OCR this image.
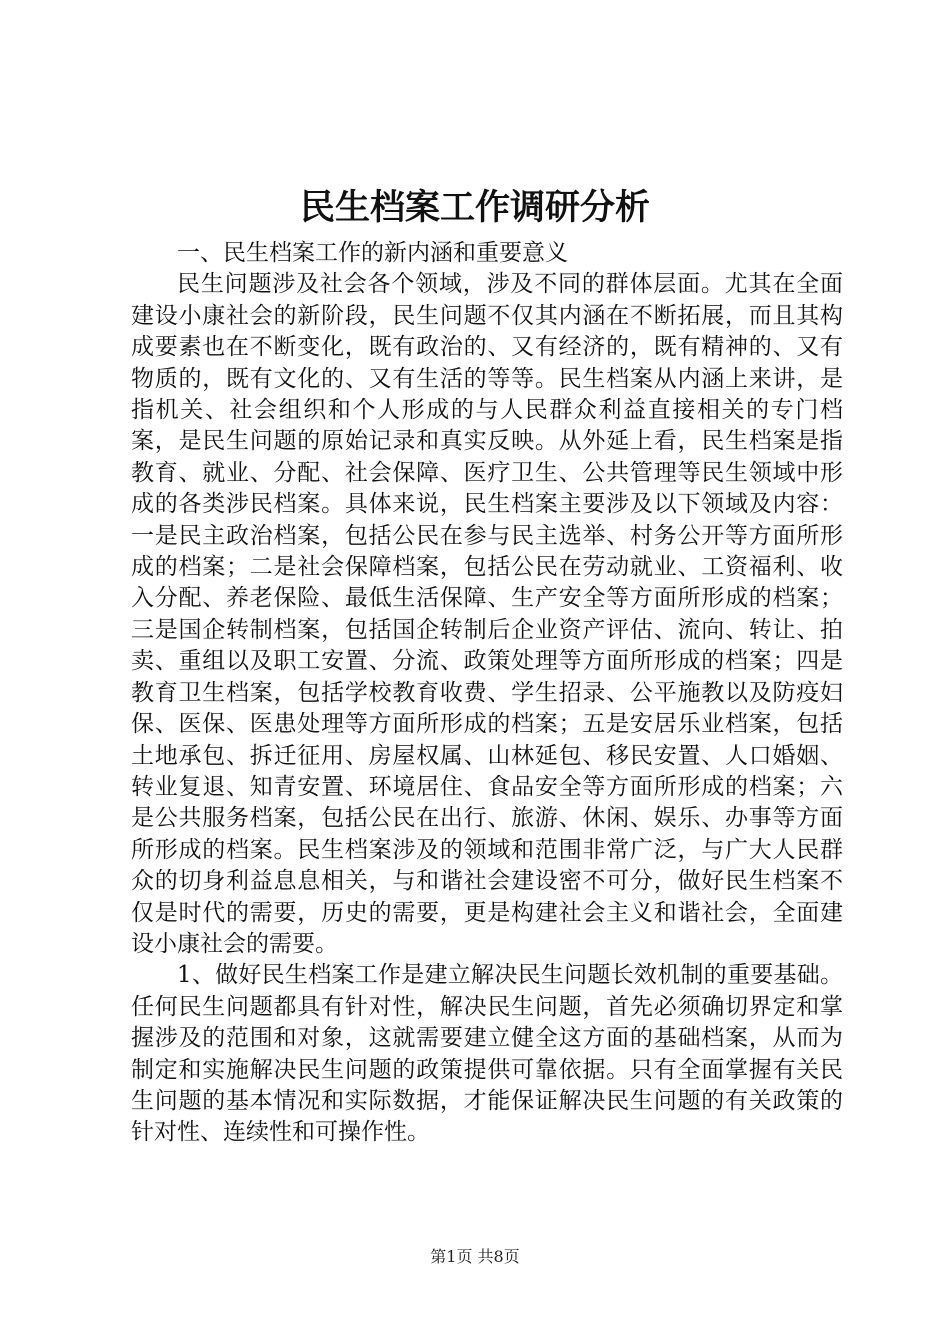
民生档案工作调研分析

一、民生档案工作的新内涵和重要意义

民生问题涉及社会各个领域，涉及不同的群体层面。尤其在全面建设小康社会的新阶段，民生问题不仅其内涵在不断拓展，而且其构成要素也在不断变化，既有政治的、又有经济的，既有精神的、又有物质的，既有文化的、又有生活的等等。民生档案从内涵上来讲，是指机关、社会组织和个人形成的与人民群众利益直接相关的专门档案，是民生问题的原始记录和真实反映。从外延上看，民生档案是指教育、就业、分配、社会保障、医疗卫生、公共管理等民生领域中形成的各类涉民档案。具体来说，民生档案主要涉及以下领域及内容：一是民主政治档案，包括公民在参与民主选举、村务公开等方面所形成的档案；二是社会保障档案，包括公民在劳动就业、工资福利、收入分配、养老保险、最低生活保障、生产安全等方面所形成的档案；三是国企转制档案，包括国企转制后企业资产评估、流向、转让、拍卖、重组以及职工安置、分流、政策处理等方面所形成的档案；四是教育卫生档案，包括学校教育收费、学生招录、公平施教以及防疫妇保、医保、医患处理等方面所形成的档案；五是安居乐业档案，包括土地承包、拆迁征用、房屋权属、山林延包、移民安置、人口婚姻、转业复退、知青安置、环境居住、食品安全等方面所形成的档案；六是公共服务档案，包括公民在出行、旅游、休闲、娱乐、办事等方面所形成的档案。民生档案涉及的领域和范围非常广泛，与广大人民群众的切身利益息息相关，与和谐社会建设密不可分，做好民生档案不仅是时代的需要，历史的需要，更是构建社会主义和谐社会，全面建设小康社会的需要。

1、做好民生档案工作是建立解决民生问题长效机制的重要基础。任何民生问题都具有针对性，解决民生问题，首先必须确切界定和掌握涉及的范围和对象，这就需要建立健全这方面的基础档案，从而为制定和实施解决民生问题的政策提供可靠依据。只有全面掌握有关民生问题的基本情况和实际数据，才能保证解决民生问题的有关政策的针对性、连续性和可操作性。

第1页 共8页
